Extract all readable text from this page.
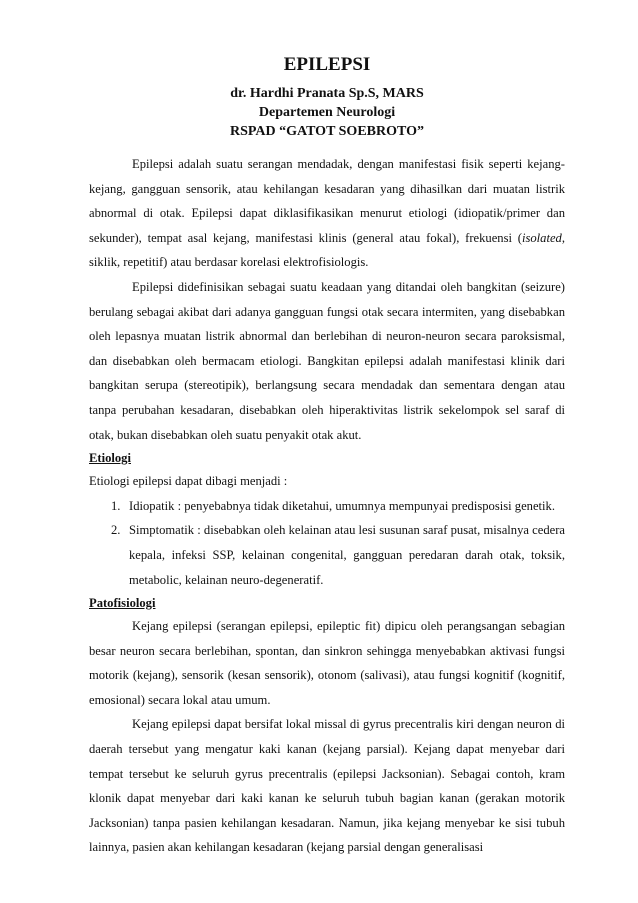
EPILEPSI

dr. Hardhi Pranata Sp.S, MARS

Departemen Neurologi

RSPAD “GATOT SOEBROTO”

Epilepsi adalah suatu serangan mendadak, dengan manifestasi fisik seperti kejang-kejang, gangguan sensorik, atau kehilangan kesadaran yang dihasilkan dari muatan listrik abnormal di otak. Epilepsi dapat diklasifikasikan menurut etiologi (idiopatik/primer dan sekunder), tempat asal kejang, manifestasi klinis (general atau fokal), frekuensi (isolated, siklik, repetitif) atau berdasar korelasi elektrofisiologis.

Epilepsi didefinisikan sebagai suatu keadaan yang ditandai oleh bangkitan (seizure) berulang sebagai akibat dari adanya gangguan fungsi otak secara intermiten, yang disebabkan oleh lepasnya muatan listrik abnormal dan berlebihan di neuron-neuron secara paroksismal, dan disebabkan oleh bermacam etiologi. Bangkitan epilepsi adalah manifestasi klinik dari bangkitan serupa (stereotipik), berlangsung secara mendadak dan sementara dengan atau tanpa perubahan kesadaran, disebabkan oleh hiperaktivitas listrik sekelompok sel saraf di otak, bukan disebabkan oleh suatu penyakit otak akut.

Etiologi

Etiologi epilepsi dapat dibagi menjadi :

1. Idiopatik : penyebabnya tidak diketahui, umumnya mempunyai predisposisi genetik.
2. Simptomatik : disebabkan oleh kelainan atau lesi susunan saraf pusat, misalnya cedera kepala, infeksi SSP, kelainan congenital, gangguan peredaran darah otak, toksik, metabolic, kelainan neuro-degeneratif.

Patofisiologi

Kejang epilepsi (serangan epilepsi, epileptic fit) dipicu oleh perangsangan sebagian besar neuron secara berlebihan, spontan, dan sinkron sehingga menyebabkan aktivasi fungsi motorik (kejang), sensorik (kesan sensorik), otonom (salivasi), atau fungsi kognitif (kognitif, emosional) secara lokal atau umum.

Kejang epilepsi dapat bersifat lokal missal di gyrus precentralis kiri dengan neuron di daerah tersebut yang mengatur kaki kanan (kejang parsial). Kejang dapat menyebar dari tempat tersebut ke seluruh gyrus precentralis (epilepsi Jacksonian). Sebagai contoh, kram klonik dapat menyebar dari kaki kanan ke seluruh tubuh bagian kanan (gerakan motorik Jacksonian) tanpa pasien kehilangan kesadaran. Namun, jika kejang menyebar ke sisi tubuh lainnya, pasien akan kehilangan kesadaran (kejang parsial dengan generalisasi
